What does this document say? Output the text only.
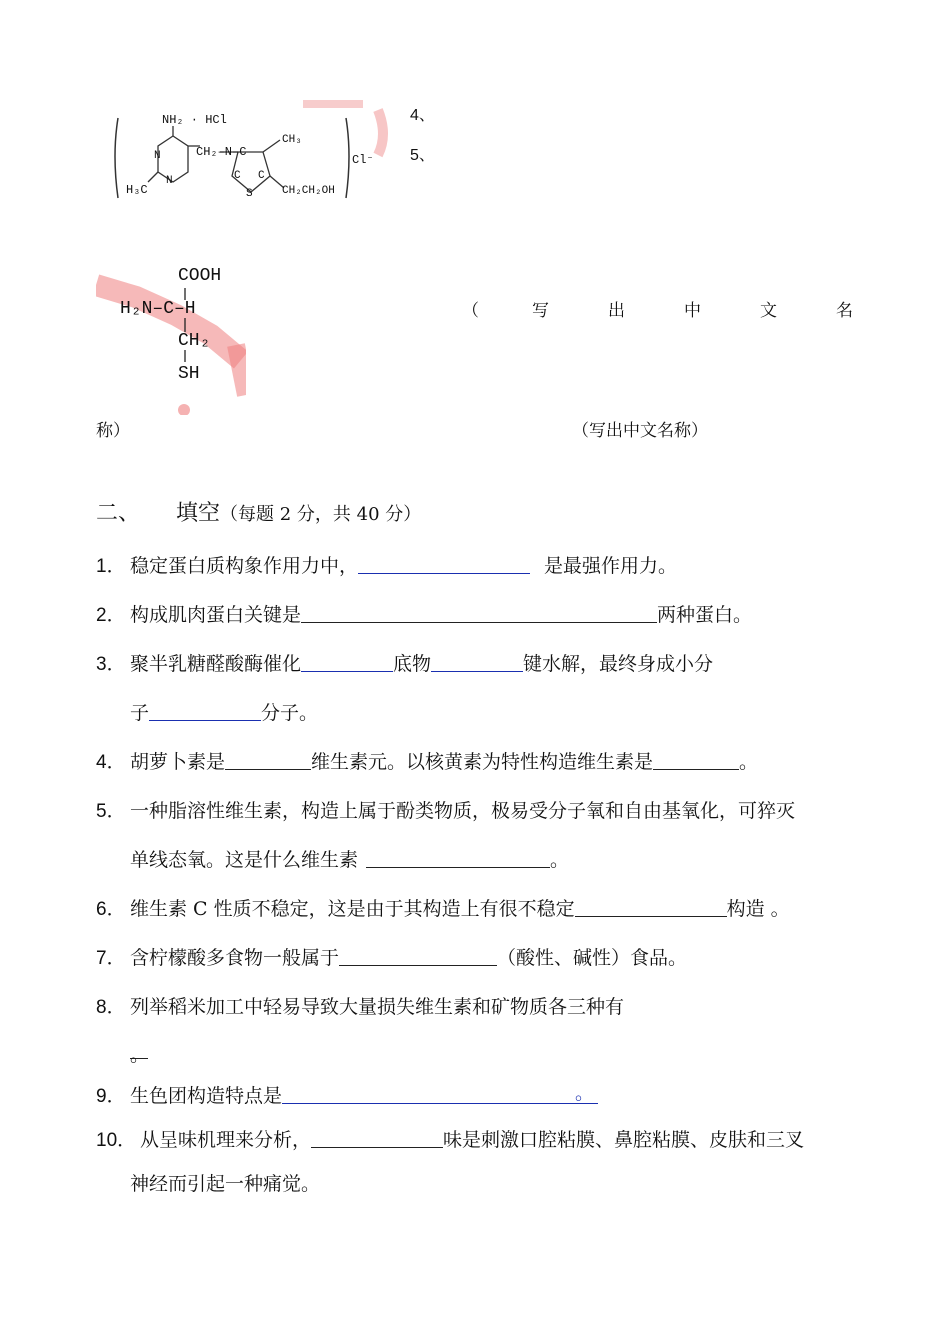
NH₂ · HCl
CH₂–N–C
CH₃
Cl⁻
H₃C	CH₂CH₂OH
S
N
N	C C
4、
5、
COOH
H₂N–C–H
CH₂
SH
（	写	出	中	文	名
称）	（写出中文名称）
二、 填空（每题 2 分，共 40 分）
1． 稳定蛋白质构象作用力中，	是最强作用力。
2． 构成肌肉蛋白关键是	两种蛋白。
3． 聚半乳糖醛酸酶催化	底物	键水解，最终身成小分
子	分子。
4． 胡萝卜素是	维生素元。以核黄素为特性构造维生素是	。
5． 一种脂溶性维生素，构造上属于酚类物质，极易受分子氧和自由基氧化，可猝灭
单线态氧。这是什么维生素	。
6． 维生素 C 性质不稳定，这是由于其构造上有很不稳定	构造 。
7． 含柠檬酸多食物一般属于	（酸性、碱性）食品。
8． 列举稻米加工中轻易导致大量损失维生素和矿物质各三种有
。
9． 生色团构造特点是	。
10． 从呈味机理来分析，	味是刺激口腔粘膜、鼻腔粘膜、皮肤和三叉
神经而引起一种痛觉。
